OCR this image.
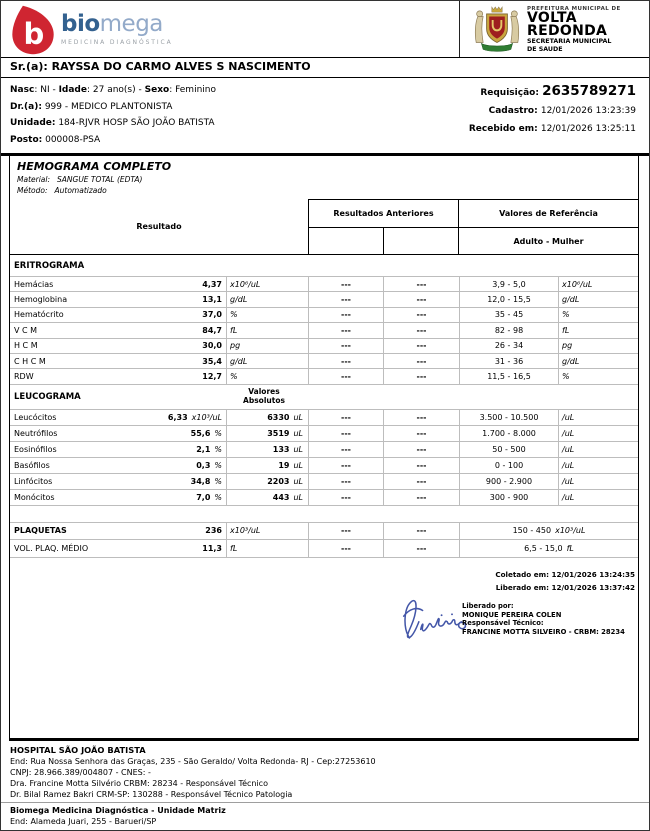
b biomega
MEDICINA DIAGNÓSTICA
PREFEITURA MUNICIPAL DE
VOLTA
REDONDA
SECRETARIA MUNICIPAL
DE SAUDE
Sr.(a): RAYSSA DO CARMO ALVES S NASCIMENTO
Nasc: NI - Idade: 27 ano(s) - Sexo: Feminino
Dr.(a): 999 - MEDICO PLANTONISTA
Unidade: 184-RJVR HOSP SÃO JOÃO BATISTA
Posto: 000008-PSA
Requisição: 2635789271
Cadastro: 12/01/2026 13:23:39
Recebido em: 12/01/2026 13:25:11
HEMOGRAMA COMPLETO
Material: SANGUE TOTAL (EDTA)
Método: Automatizado
Resultado
Resultados Anteriores	Valores de Referência
Adulto - Mulher
ERITROGRAMA
Hemácias	4,37 x10⁶/uL	---	---	3,9 - 5,0	x10⁶/uL
Hemoglobina	13,1 g/dL	---	---	12,0 - 15,5	g/dL
Hematócrito	37,0 %	---	---	35 - 45	%
V C M	84,7 fL	---	---	82 - 98	fL
H C M	30,0 pg	---	---	26 - 34	pg
C H C M	35,4 g/dL	---	---	31 - 36	g/dL
RDW	12,7 %	---	---	11,5 - 16,5	%
LEUCOGRAMA	Valores
Absolutos
Leucócitos	6,33 x10³/uL	6330 uL	---	---	3.500 - 10.500	/uL
Neutrófilos	55,6 %	3519 uL	---	---	1.700 - 8.000	/uL
Eosinófilos	2,1 %	133 uL	---	---	50 - 500	/uL
Basófilos	0,3 %	19 uL	---	---	0 - 100	/uL
Linfócitos	34,8 %	2203 uL	---	---	900 - 2.900	/uL
Monócitos	7,0 %	443 uL	---	---	300 - 900	/uL
PLAQUETAS	236 x10³/uL	---	---	150 - 450 x10³/uL
VOL. PLAQ. MÉDIO	11,3 fL	---	---	6,5 - 15,0 fL
Coletado em: 12/01/2026 13:24:35
Liberado em: 12/01/2026 13:37:42
Liberado por:
MONIQUE PEREIRA COLEN
Responsável Técnico:
FRANCINE MOTTA SILVEIRO - CRBM: 28234
HOSPITAL SÃO JOÃO BATISTA
End: Rua Nossa Senhora das Graças, 235 - São Geraldo/ Volta Redonda- RJ - Cep:27253610
CNPJ: 28.966.389/004807 - CNES: -
Dra. Francine Motta Silvério CRBM: 28234 - Responsável Técnico
Dr. Bilal Ramez Bakri CRM-SP: 130288 - Responsável Técnico Patologia
Biomega Medicina Diagnóstica - Unidade Matriz
End: Alameda Juari, 255 - Barueri/SP
